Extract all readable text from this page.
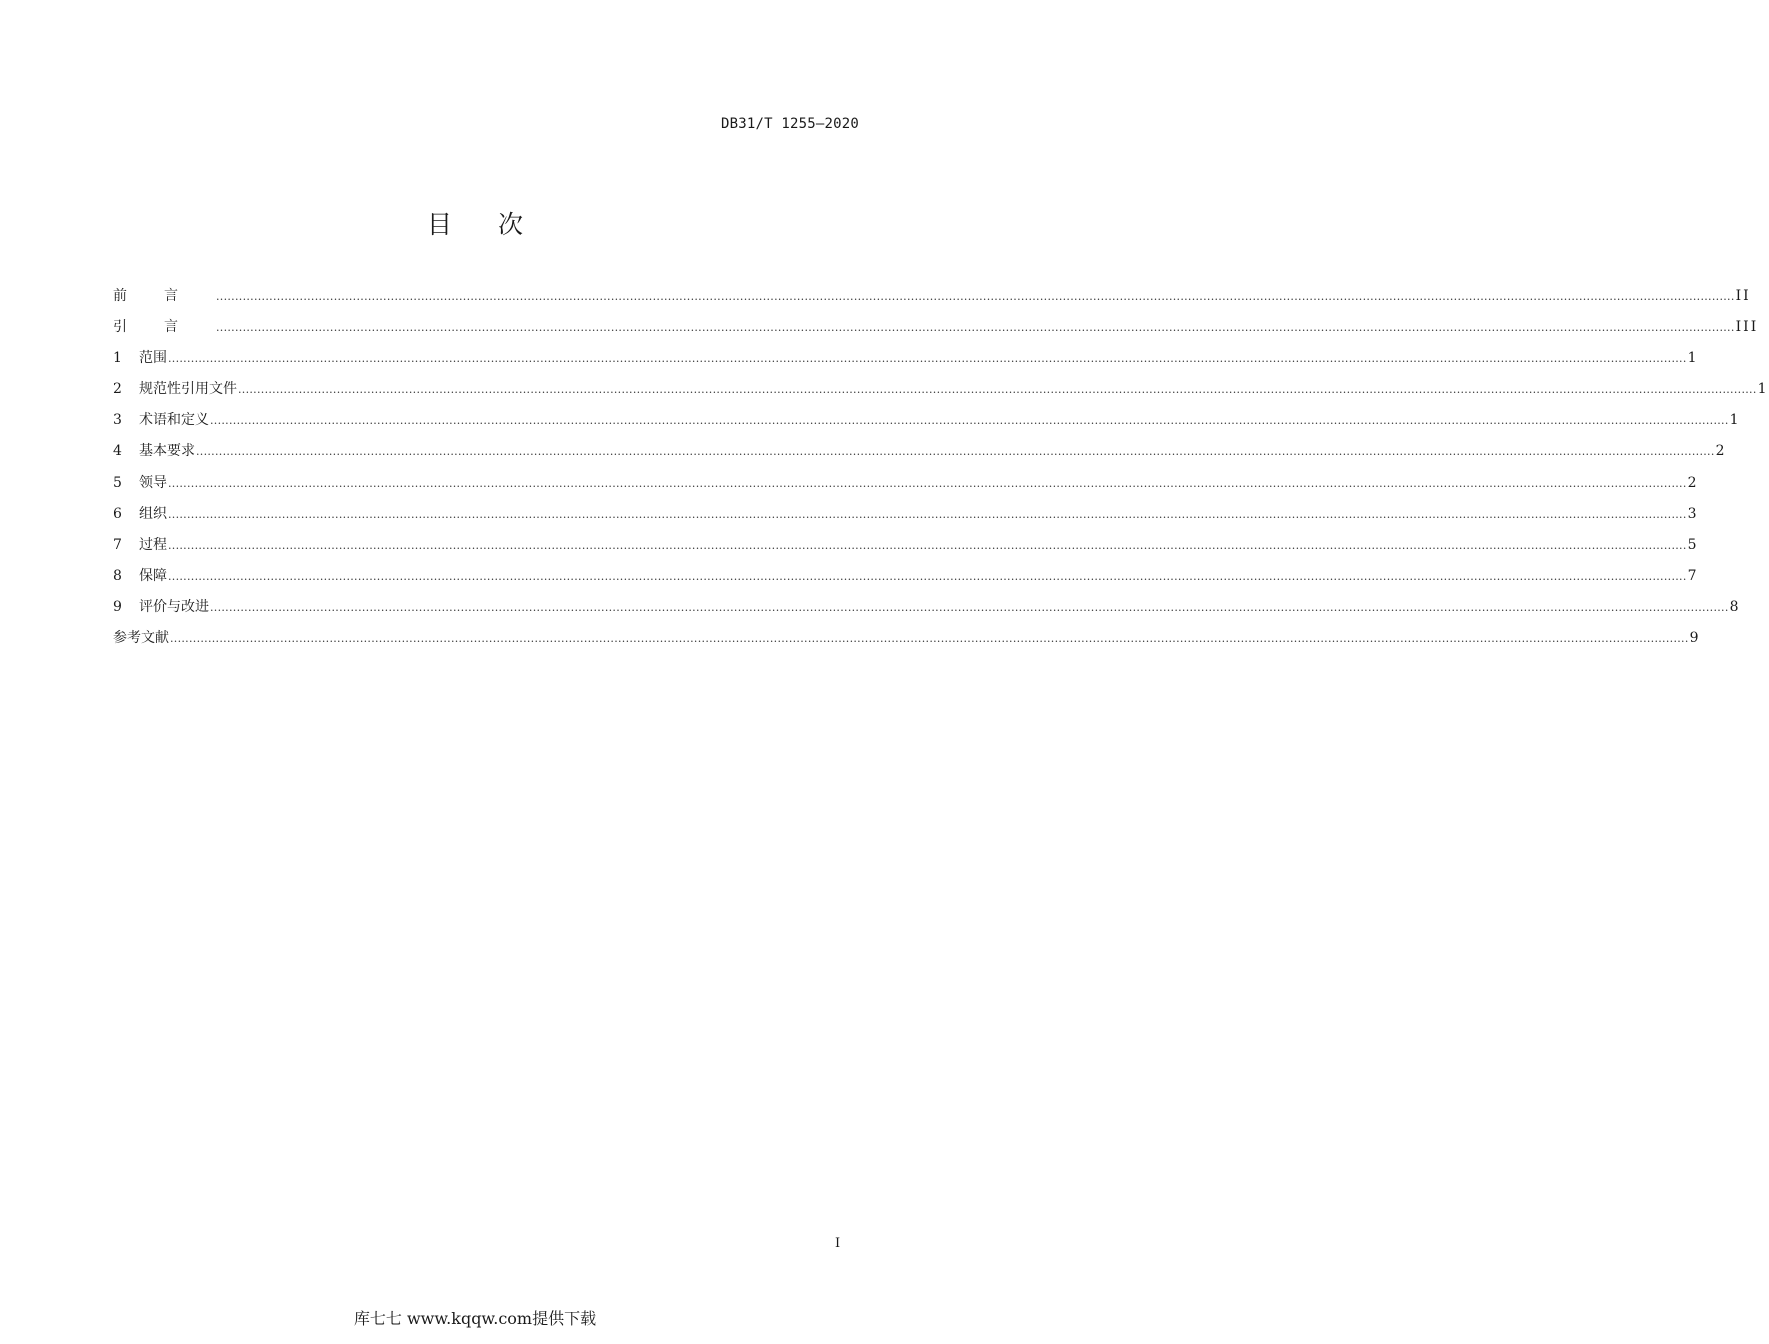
DB31/T 1255—2020
目次
前言 ................................................................................................................................................................................................................................................................................................................................................................................................................ II
引言 ................................................................................................................................................................................................................................................................................................................................................................................................................ III
1 范围 ................................................................................................................................................................................................................................................................................................................................................................................................................ 1
2 规范性引用文件 ................................................................................................................................................................................................................................................................................................................................................................................................................ 1
3 术语和定义 ................................................................................................................................................................................................................................................................................................................................................................................................................ 1
4 基本要求 ................................................................................................................................................................................................................................................................................................................................................................................................................ 2
5 领导 ................................................................................................................................................................................................................................................................................................................................................................................................................ 2
6 组织 ................................................................................................................................................................................................................................................................................................................................................................................................................ 3
7 过程 ................................................................................................................................................................................................................................................................................................................................................................................................................ 5
8 保障 ................................................................................................................................................................................................................................................................................................................................................................................................................ 7
9 评价与改进 ................................................................................................................................................................................................................................................................................................................................................................................................................ 8
参考文献 ................................................................................................................................................................................................................................................................................................................................................................................................................ 9
I
库七七 www.kqqw.com提供下载
